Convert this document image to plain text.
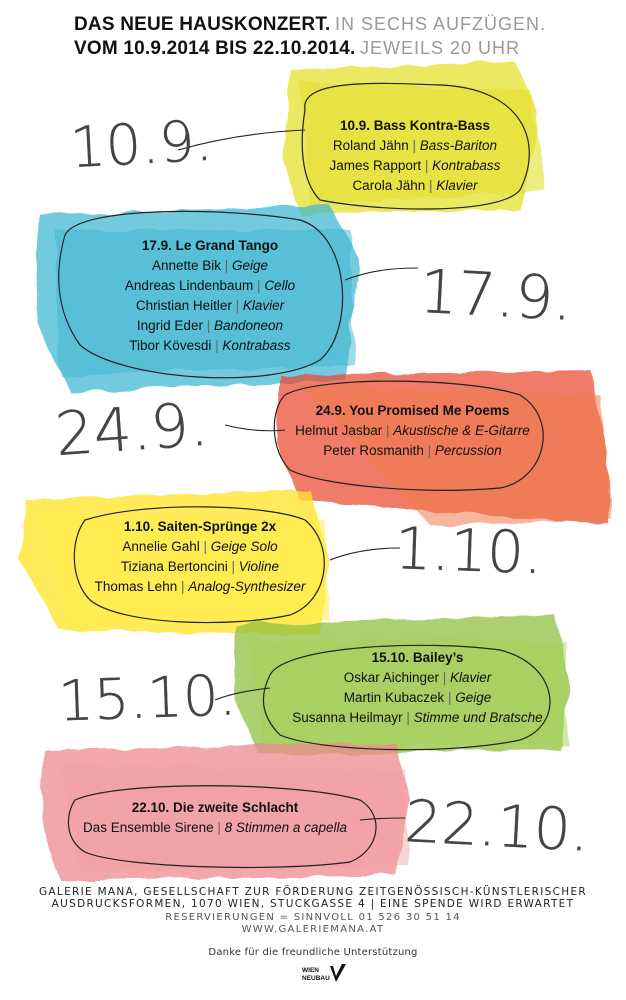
10.9.
17.9.
24.9.
1.10.
15.10.
22.10.
DAS NEUE HAUSKONZERT. IN SECHS AUFZÜGEN.
VOM 10.9.2014 BIS 22.10.2014. JEWEILS 20 UHR
10.9. Bass Kontra-Bass
Roland Jähn | Bass-Bariton
James Rapport | Kontrabass
Carola Jähn | Klavier
17.9. Le Grand Tango
Annette Bik | Geige
Andreas Lindenbaum | Cello
Christian Heitler | Klavier
Ingrid Eder | Bandoneon
Tibor Kövesdi | Kontrabass
24.9. You Promised Me Poems
Helmut Jasbar | Akustische & E-Gitarre
Peter Rosmanith | Percussion
1.10. Saiten-Sprünge 2x
Annelie Gahl | Geige Solo
Tiziana Bertoncini | Violine
Thomas Lehn | Analog-Synthesizer
15.10. Bailey’s
Oskar Aichinger | Klavier
Martin Kubaczek | Geige
Susanna Heilmayr | Stimme und Bratsche
22.10. Die zweite Schlacht
Das Ensemble Sirene | 8 Stimmen a capella
GALERIE MANA, GESELLSCHAFT ZUR FÖRDERUNG ZEITGENÖSSISCH-KÜNSTLERISCHER
AUSDRUCKSFORMEN, 1070 WIEN, STUCKGASSE 4 | EINE SPENDE WIRD ERWARTET
RESERVIERUNGEN = SINNVOLL 01 526 30 51 14
WWW.GALERIEMANA.AT
Danke für die freundliche Unterstützung
WIEN
NEUBAU
